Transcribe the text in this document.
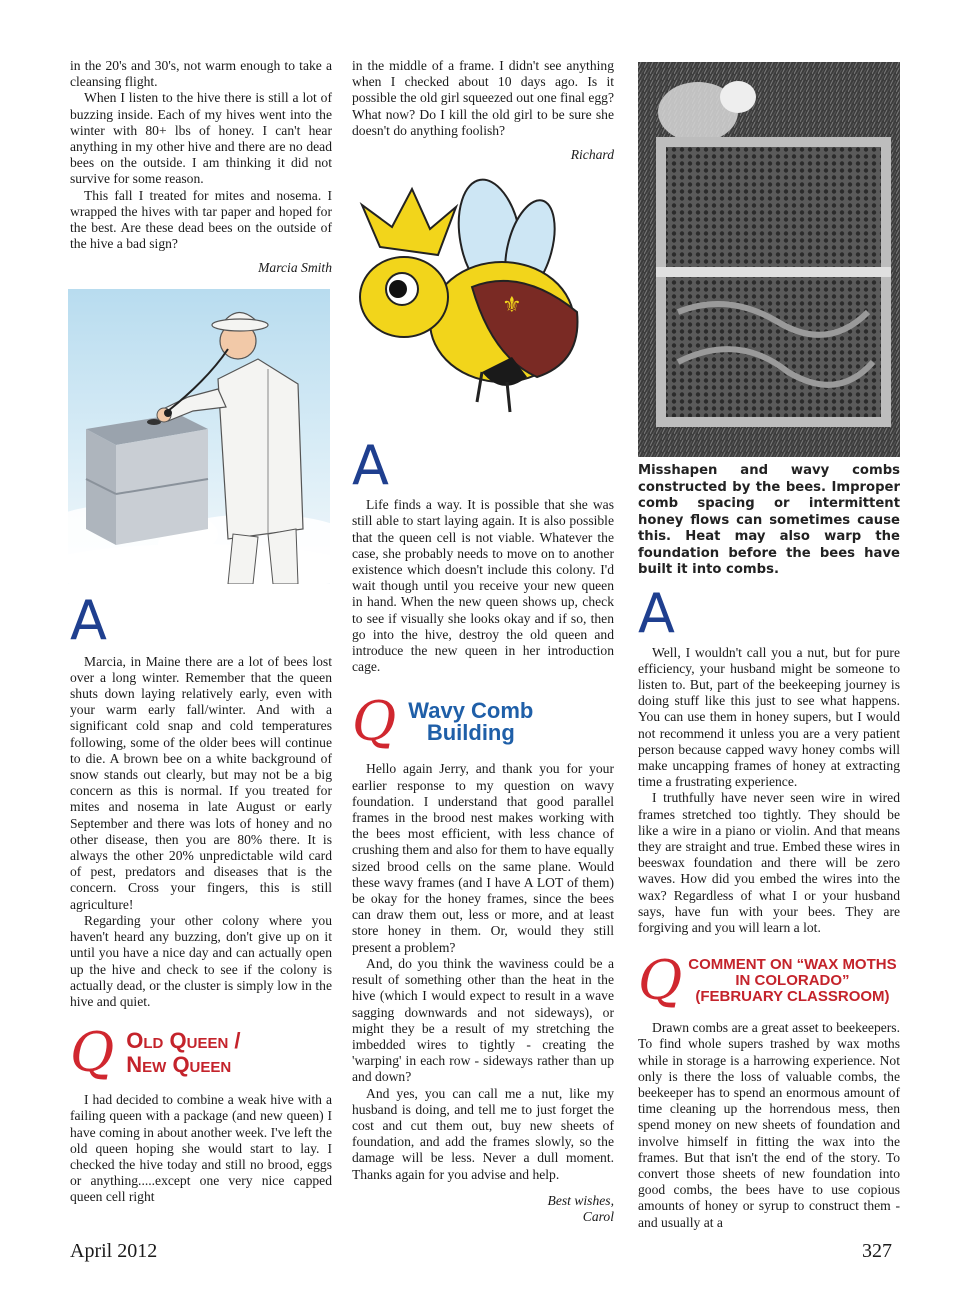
in the 20's and 30's, not warm enough to take a cleansing flight.

When I listen to the hive there is still a lot of buzzing inside. Each of my hives went into the winter with 80+ lbs of honey. I can't hear anything in my other hive and there are no dead bees on the outside. I am thinking it did not survive for some reason.

This fall I treated for mites and nosema. I wrapped the hives with tar paper and hoped for the best. Are these dead bees on the outside of the hive a bad sign?

Marcia Smith
A

Marcia, in Maine there are a lot of bees lost over a long winter. Remember that the queen shuts down laying relatively early, even with your warm early fall/winter. And with a significant cold snap and cold temperatures following, some of the older bees will continue to die. A brown bee on a white background of snow stands out clearly, but may not be a big concern as this is normal. If you treated for mites and nosema in late August or early September and there was lots of honey and no other disease, then you are 80% there. It is always the other 20% unpredictable wild card of pest, predators and diseases that is the concern. Cross your fingers, this is still agriculture!

Regarding your other colony where you haven't heard any buzzing, don't give up on it until you have a nice day and can actually open up the hive and check to see if the colony is actually dead, or the cluster is simply low in the hive and quiet.

Q Old Queen /
New Queen

I had decided to combine a weak hive with a failing queen with a package (and new queen) I have coming in about another week. I've left the old queen hoping she would start to lay. I checked the hive today and still no brood, eggs or anything.....except one very nice capped queen cell right

in the middle of a frame. I didn't see anything when I checked about 10 days ago. Is it possible the old girl squeezed out one final egg? What now? Do I kill the old girl to be sure she doesn't do anything foolish?

Richard
⚜
A

Life finds a way. It is possible that she was still able to start laying again. It is also possible that the queen cell is not viable. Whatever the case, she probably needs to move on to another existence which doesn't include this colony. I'd wait though until you receive your new queen in hand. When the new queen shows up, check to see if visually she looks okay and if so, then go into the hive, destroy the old queen and introduce the new queen in her introduction cage.

Q Wavy Comb
Building

Hello again Jerry, and thank you for your earlier response to my question on wavy foundation. I understand that good parallel frames in the brood nest makes working with the bees most efficient, with less chance of crushing them and also for them to have equally sized brood cells on the same plane. Would these wavy frames (and I have A LOT of them) be okay for the honey frames, since the bees can draw them out, less or more, and at least store honey in them. Or, would they still present a problem?

And, do you think the waviness could be a result of something other than the heat in the hive (which I would expect to result in a wave sagging downwards and not sideways), or might they be a result of my stretching the imbedded wires to tightly - creating the 'warping' in each row - sideways rather than up and down?

And yes, you can call me a nut, like my husband is doing, and tell me to just forget the cost and cut them out, buy new sheets of foundation, and add the frames slowly, so the damage will be less. Never a dull moment. Thanks again for you advise and help.

Best wishes,
Carol
Misshapen and wavy combs constructed by the bees. Improper comb spacing or intermittent honey flows can sometimes cause this. Heat may also warp the foundation before the bees have built it into combs.
A

Well, I wouldn't call you a nut, but for pure efficiency, your husband might be someone to listen to. But, part of the beekeeping journey is doing stuff like this just to see what happens. You can use them in honey supers, but I would not recommend it unless you are a very patient person because capped wavy honey combs will make uncapping frames of honey at extracting time a frustrating experience.

I truthfully have never seen wire in wired frames stretched too tightly. They should be like a wire in a piano or violin. And that means they are straight and true. Embed these wires in beeswax foundation and there will be zero waves. How did you embed the wires into the wax? Regardless of what I or your husband says, have fun with your bees. They are forgiving and you will learn a lot.

Q COMMENT ON “WAX MOTHS
IN COLORADO”
(FEBRUARY CLASSROOM)

Drawn combs are a great asset to beekeepers. To find whole supers trashed by wax moths while in storage is a harrowing experience. Not only is there the loss of valuable combs, the beekeeper has to spend an enormous amount of time cleaning up the horrendous mess, then spend money on new sheets of foundation and involve himself in fitting the wax into the frames. But that isn't the end of the story. To convert those sheets of new foundation into good combs, the bees have to use copious amounts of honey or syrup to construct them - and usually at a

April 2012	327
